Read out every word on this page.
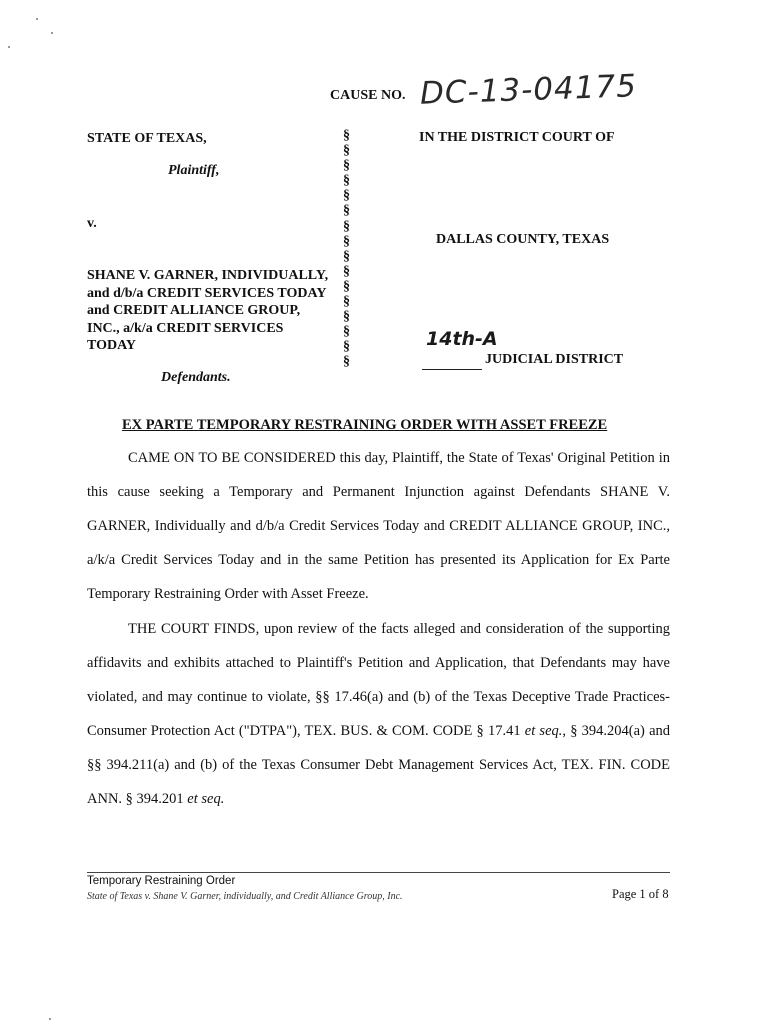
CAUSE NO. DC-13-04175
STATE OF TEXAS,
Plaintiff,
v.
SHANE V. GARNER, INDIVIDUALLY,
and d/b/a CREDIT SERVICES TODAY
and CREDIT ALLIANCE GROUP,
INC., a/k/a CREDIT SERVICES
TODAY
Defendants.
§
§
§
§
§
§
§
§
§
§
§
§
§
§
§
§
IN THE DISTRICT COURT OF
DALLAS COUNTY, TEXAS
14th-A
JUDICIAL DISTRICT
EX PARTE TEMPORARY RESTRAINING ORDER WITH ASSET FREEZE

CAME ON TO BE CONSIDERED this day, Plaintiff, the State of Texas' Original Petition in this cause seeking a Temporary and Permanent Injunction against Defendants SHANE V. GARNER, Individually and d/b/a Credit Services Today and CREDIT ALLIANCE GROUP, INC., a/k/a Credit Services Today and in the same Petition has presented its Application for Ex Parte Temporary Restraining Order with Asset Freeze.

THE COURT FINDS, upon review of the facts alleged and consideration of the supporting affidavits and exhibits attached to Plaintiff's Petition and Application, that Defendants may have violated, and may continue to violate, §§ 17.46(a) and (b) of the Texas Deceptive Trade Practices-Consumer Protection Act ("DTPA"), TEX. BUS. & COM. CODE § 17.41 et seq., § 394.204(a) and §§ 394.211(a) and (b) of the Texas Consumer Debt Management Services Act, TEX. FIN. CODE ANN. § 394.201 et seq.

Temporary Restraining Order
State of Texas v. Shane V. Garner, individually, and Credit Alliance Group, Inc.	Page 1 of 8
